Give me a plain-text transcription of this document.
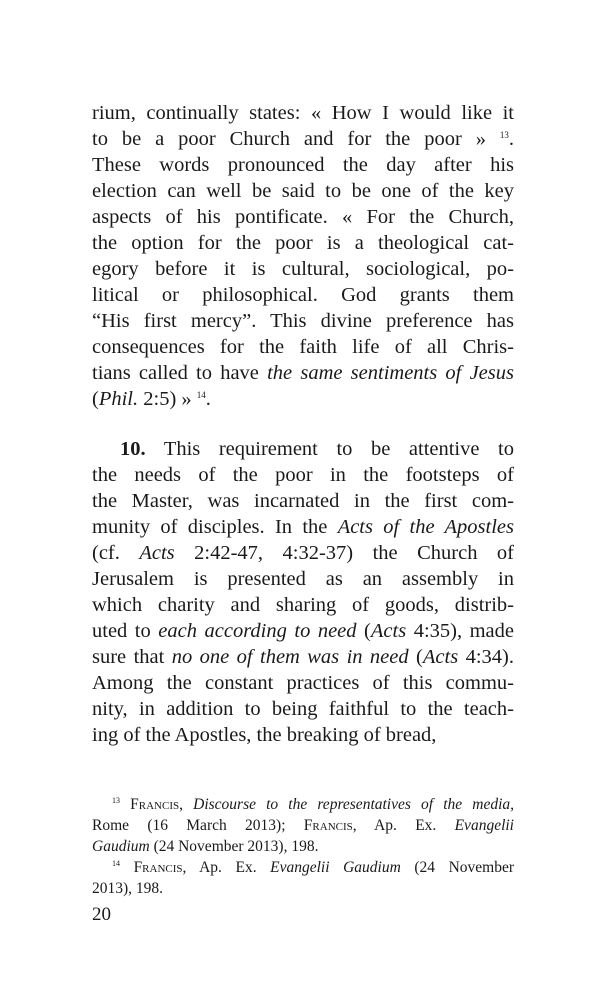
rium, continually states: « How I would like it
to be a poor Church and for the poor » $^{13}$.
These words pronounced the day after his
election can well be said to be one of the key
aspects of his pontificate. « For the Church,
the option for the poor is a theological cat-
egory before it is cultural, sociological, po-
litical or philosophical. God grants them
“His first mercy”. This divine preference has
consequences for the faith life of all Chris-
tians called to have the same sentiments of Jesus
(Phil. 2:5) » $^{14}$.
10. This requirement to be attentive to
the needs of the poor in the footsteps of
the Master, was incarnated in the first com-
munity of disciples. In the Acts of the Apostles
(cf. Acts 2:42-47, 4:32-37) the Church of
Jerusalem is presented as an assembly in
which charity and sharing of goods, distrib-
uted to each according to need (Acts 4:35), made
sure that no one of them was in need (Acts 4:34).
Among the constant practices of this commu-
nity, in addition to being faithful to the teach-
ing of the Apostles, the breaking of bread,
$^{13}$ Francis, Discourse to the representatives of the media,
Rome (16 March 2013); Francis, Ap. Ex. Evangelii
Gaudium (24 November 2013), 198.
$^{14}$ Francis, Ap. Ex. Evangelii Gaudium (24 November
2013), 198.
20
